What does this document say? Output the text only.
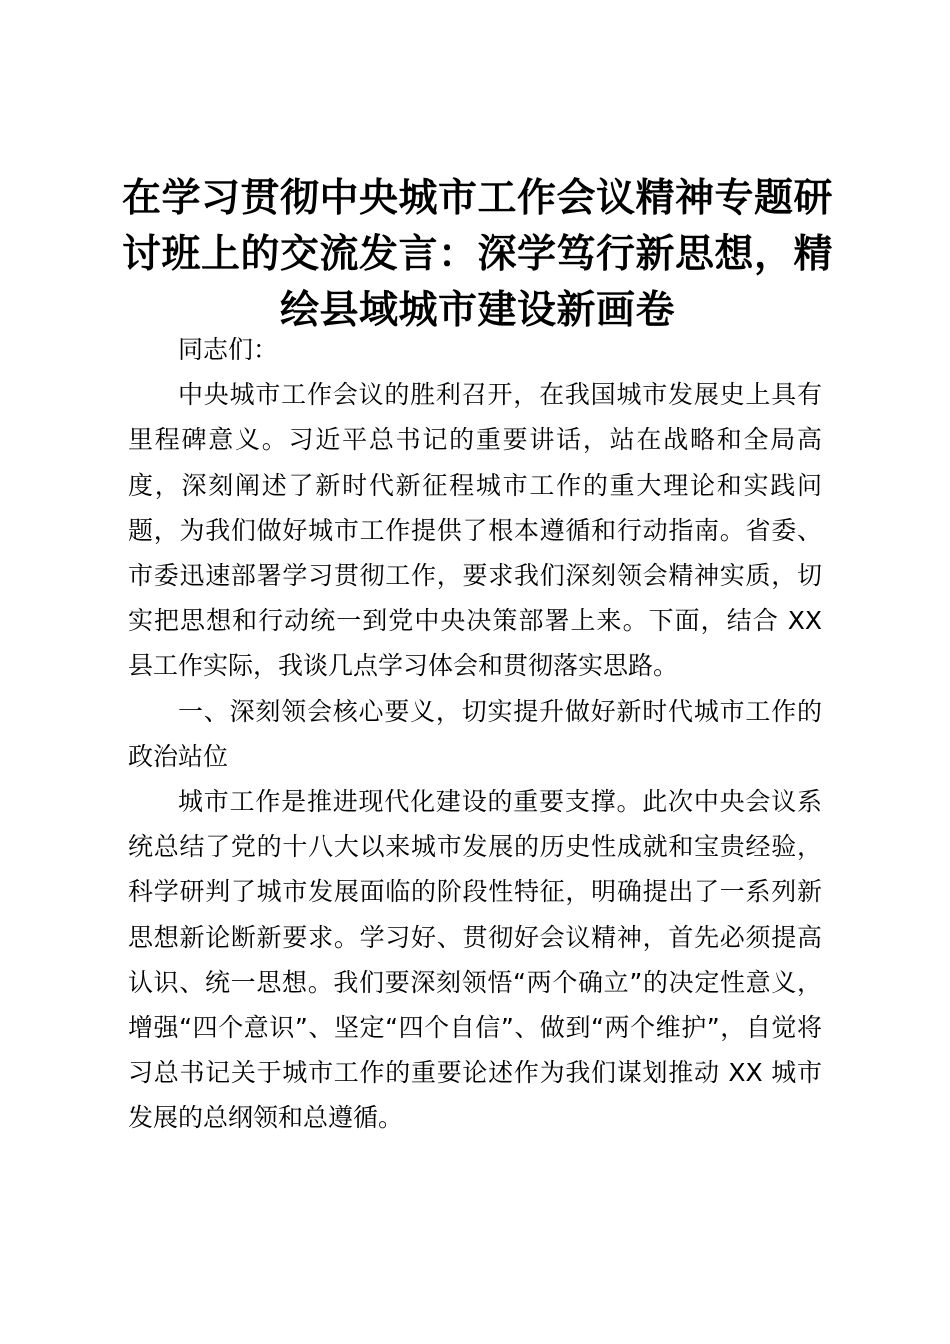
在学习贯彻中央城市工作会议精神专题研讨班上的交流发言：深学笃行新思想，精绘县域城市建设新画卷

同志们：

中央城市工作会议的胜利召开，在我国城市发展史上具有里程碑意义。习近平总书记的重要讲话，站在战略和全局高度，深刻阐述了新时代新征程城市工作的重大理论和实践问题，为我们做好城市工作提供了根本遵循和行动指南。省委、市委迅速部署学习贯彻工作，要求我们深刻领会精神实质，切实把思想和行动统一到党中央决策部署上来。下面，结合 XX 县工作实际，我谈几点学习体会和贯彻落实思路。

一、深刻领会核心要义，切实提升做好新时代城市工作的政治站位

城市工作是推进现代化建设的重要支撑。此次中央会议系统总结了党的十八大以来城市发展的历史性成就和宝贵经验，科学研判了城市发展面临的阶段性特征，明确提出了一系列新思想新论断新要求。学习好、贯彻好会议精神，首先必须提高认识、统一思想。我们要深刻领悟“两个确立”的决定性意义，增强“四个意识”、坚定“四个自信”、做到“两个维护”，自觉将习总书记关于城市工作的重要论述作为我们谋划推动 XX 城市发展的总纲领和总遵循。
